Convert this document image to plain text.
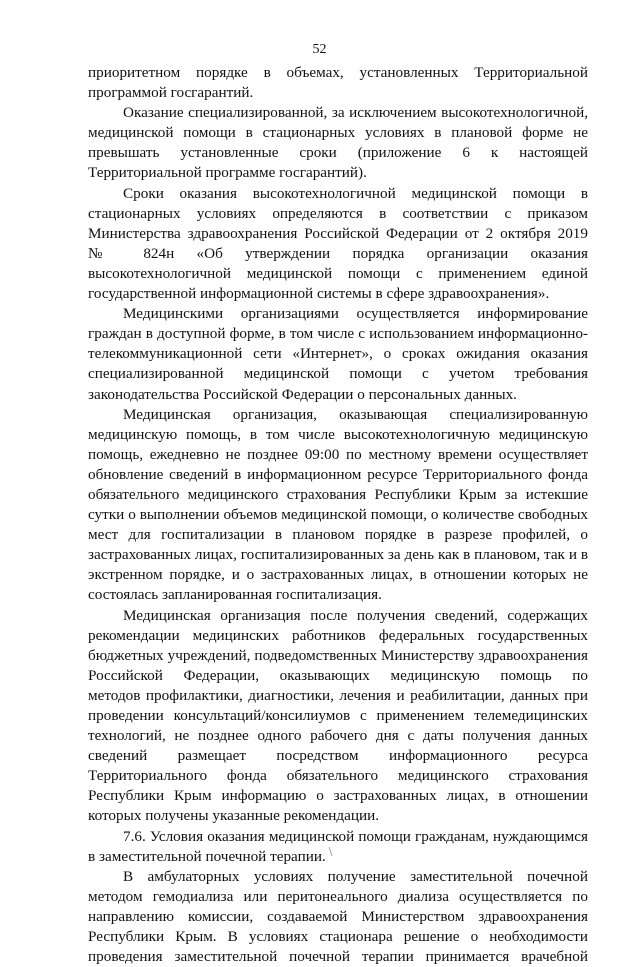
52
приоритетном порядке в объемах, установленных Территориальной
программой госгарантий.
Оказание специализированной, за исключением высокотехнологичной,
медицинской помощи в стационарных условиях в плановой форме не
превышать установленные сроки (приложение 6 к настоящей
Территориальной программе госгарантий).
Сроки оказания высокотехнологичной медицинской помощи в
стационарных условиях определяются в соответствии с приказом
Министерства здравоохранения Российской Федерации от 2 октября 2019
№ 824н «Об утверждении порядка организации оказания
высокотехнологичной медицинской помощи с применением единой
государственной информационной системы в сфере здравоохранения».
Медицинскими организациями осуществляется информирование
граждан в доступной форме, в том числе с использованием информационно-
телекоммуникационной сети «Интернет», о сроках ожидания оказания
специализированной медицинской помощи с учетом требования
законодательства Российской Федерации о персональных данных.
Медицинская организация, оказывающая специализированную
медицинскую помощь, в том числе высокотехнологичную медицинскую
помощь, ежедневно не позднее 09:00 по местному времени осуществляет
обновление сведений в информационном ресурсе Территориального фонда
обязательного медицинского страхования Республики Крым за истекшие
сутки о выполнении объемов медицинской помощи, о количестве свободных
мест для госпитализации в плановом порядке в разрезе профилей, о
застрахованных лицах, госпитализированных за день как в плановом, так и в
экстренном порядке, и о застрахованных лицах, в отношении которых не
состоялась запланированная госпитализация.
Медицинская организация после получения сведений, содержащих
рекомендации медицинских работников федеральных государственных
бюджетных учреждений, подведомственных Министерству здравоохранения
Российской Федерации, оказывающих медицинскую помощь по
методов профилактики, диагностики, лечения и реабилитации, данных при
проведении консультаций/консилиумов с применением телемедицинских
технологий, не позднее одного рабочего дня с даты получения данных
сведений размещает посредством информационного ресурса
Территориального фонда обязательного медицинского страхования
Республики Крым информацию о застрахованных лицах, в отношении
которых получены указанные рекомендации.
7.6. Условия оказания медицинской помощи гражданам, нуждающимся
в заместительной почечной терапии.
В амбулаторных условиях получение заместительной почечной
методом гемодиализа или перитонеального диализа осуществляется по
направлению комиссии, создаваемой Министерством здравоохранения
Республики Крым. В условиях стационара решение о необходимости
проведения заместительной почечной терапии принимается врачебной
